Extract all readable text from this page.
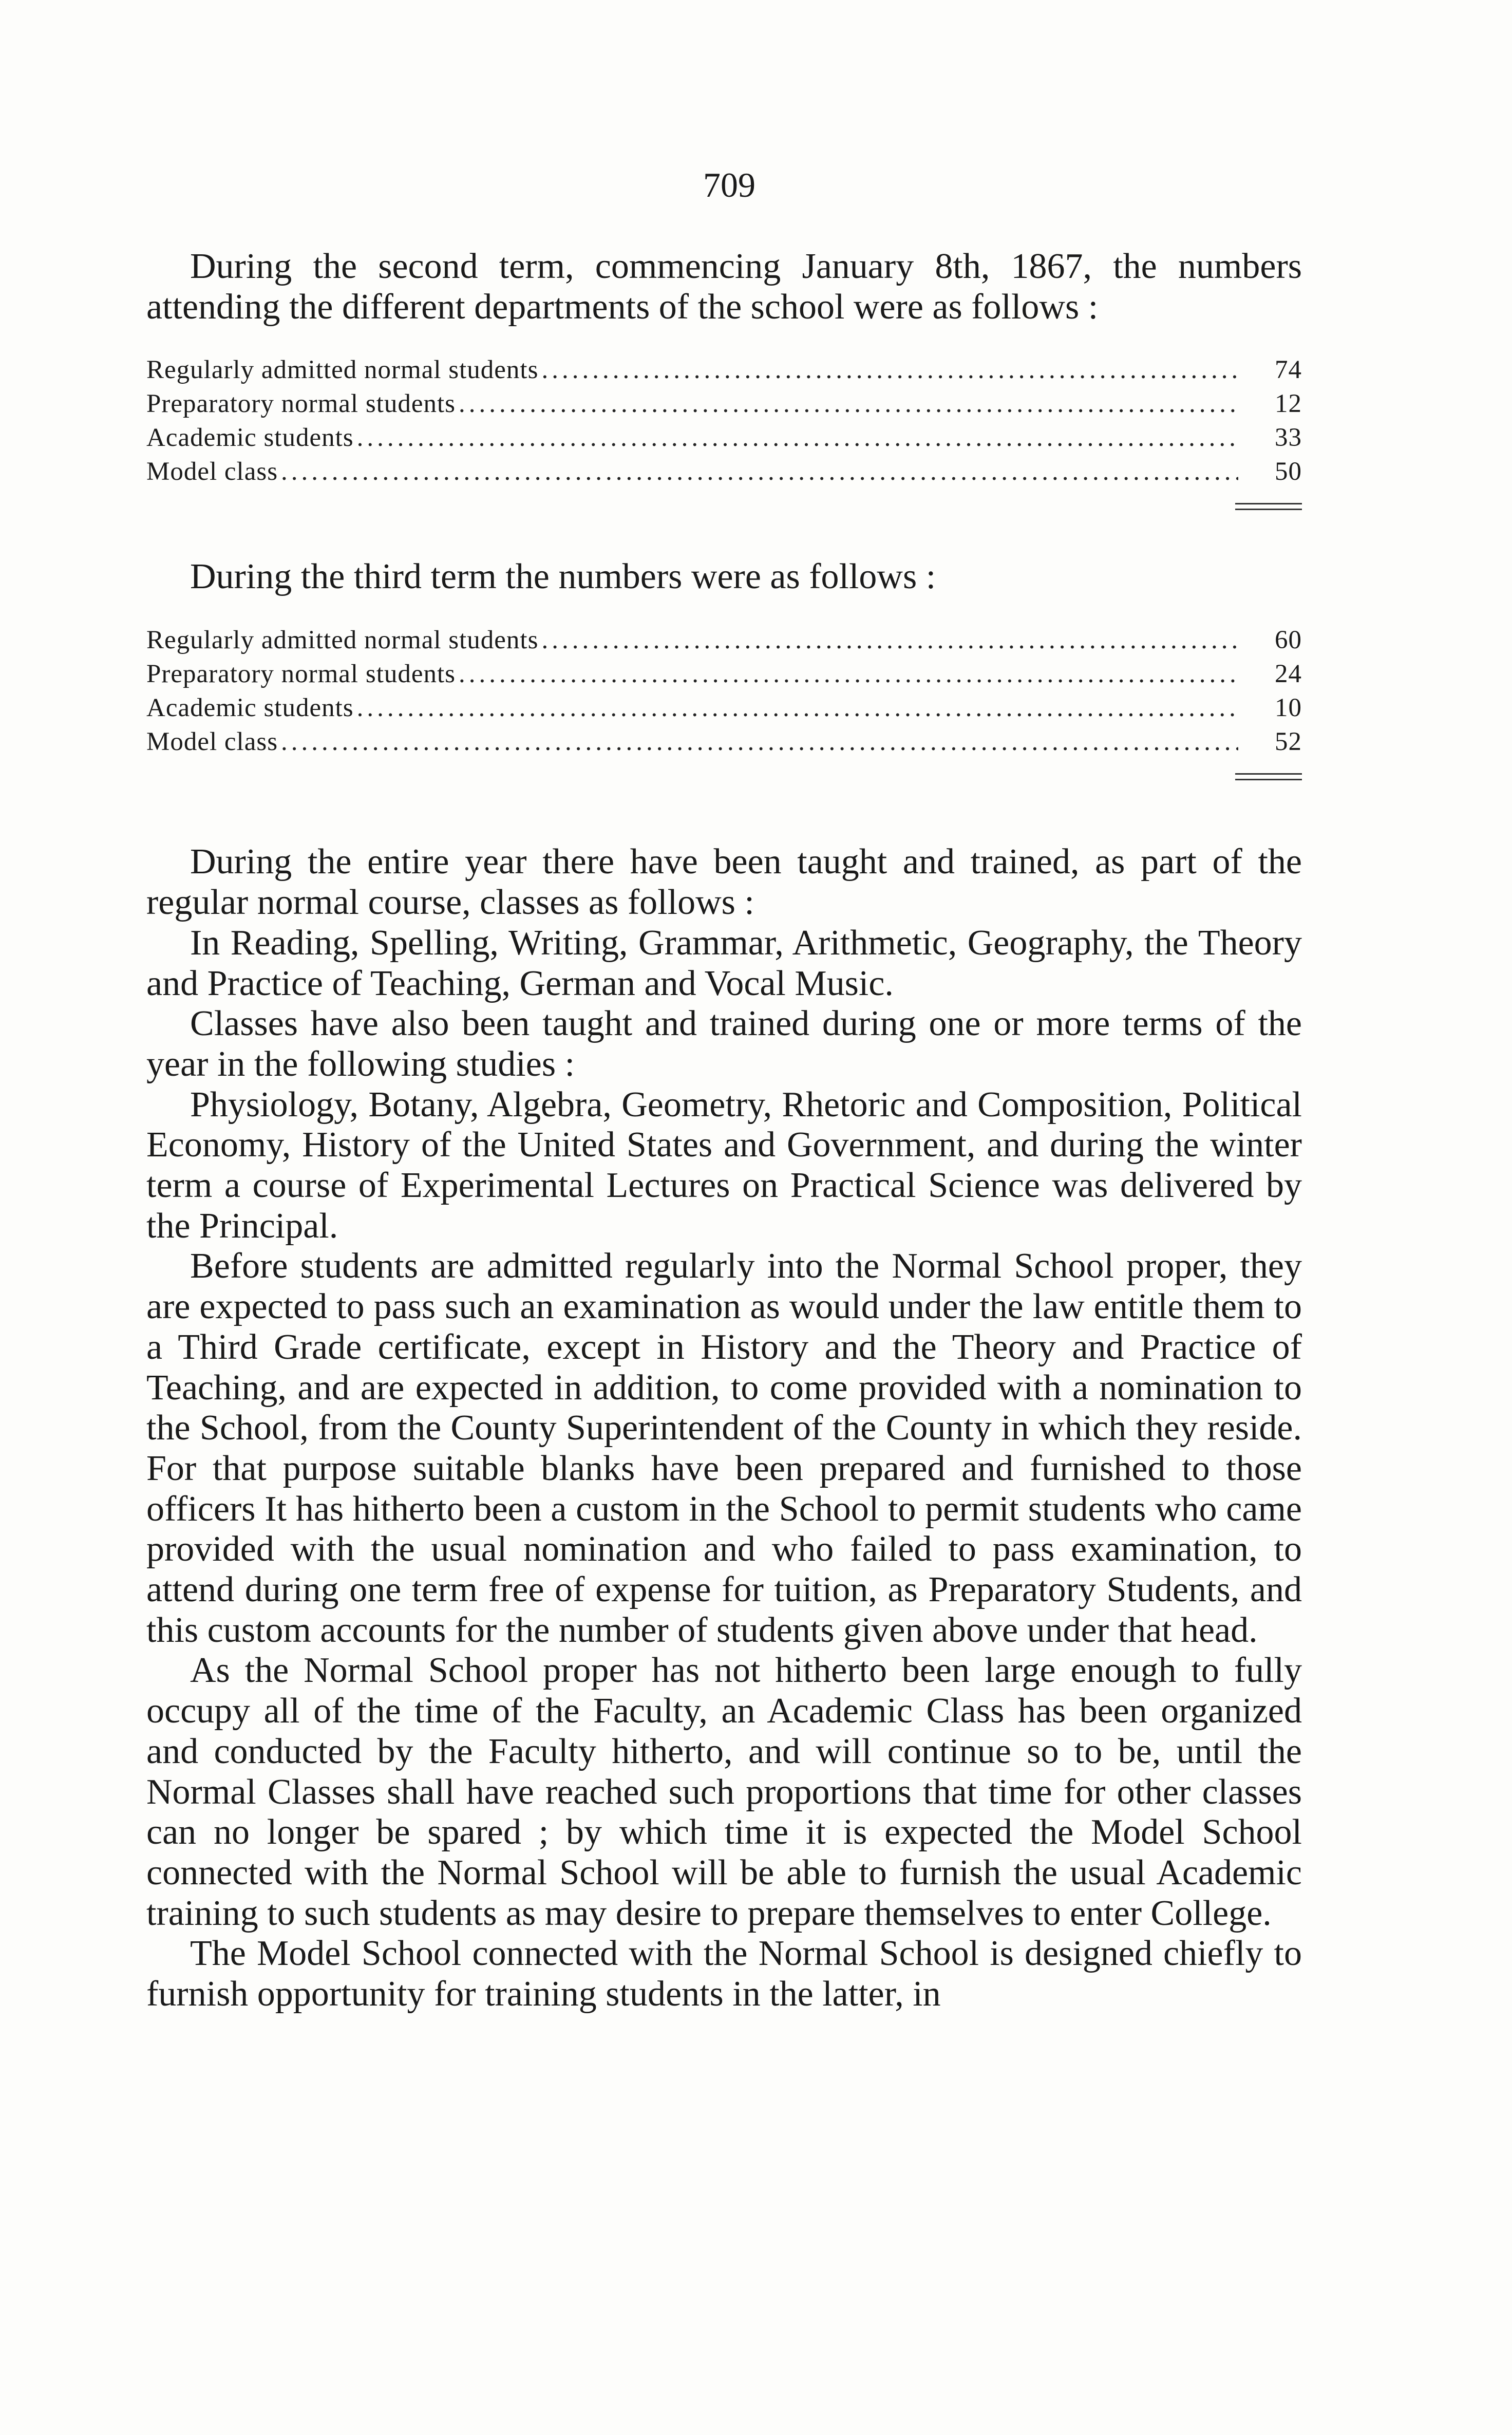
709

During the second term, commencing January 8th, 1867, the numbers attending the different departments of the school were as follows :

Regularly admitted normal students .....	74
Preparatory normal students .....	12
Academic students .....	33
Model class .....	50

During the third term the numbers were as follows :

Regularly admitted normal students .....	60
Preparatory normal students .....	24
Academic students .....	10
Model class .....	52

During the entire year there have been taught and trained, as part of the regular normal course, classes as follows :

In Reading, Spelling, Writing, Grammar, Arithmetic, Geography, the Theory and Practice of Teaching, German and Vocal Music.

Classes have also been taught and trained during one or more terms of the year in the following studies :

Physiology, Botany, Algebra, Geometry, Rhetoric and Composition, Political Economy, History of the United States and Government, and during the winter term a course of Experimental Lectures on Practical Science was delivered by the Principal.

Before students are admitted regularly into the Normal School proper, they are expected to pass such an examination as would under the law entitle them to a Third Grade certificate, except in History and the Theory and Practice of Teaching, and are expected in addition, to come provided with a nomination to the School, from the County Superintendent of the County in which they reside. For that purpose suitable blanks have been prepared and furnished to those officers It has hitherto been a custom in the School to permit students who came provided with the usual nomination and who failed to pass examination, to attend during one term free of expense for tuition, as Preparatory Students, and this custom accounts for the number of students given above under that head.

As the Normal School proper has not hitherto been large enough to fully occupy all of the time of the Faculty, an Academic Class has been organized and conducted by the Faculty hitherto, and will continue so to be, until the Normal Classes shall have reached such proportions that time for other classes can no longer be spared ; by which time it is expected the Model School connected with the Normal School will be able to furnish the usual Academic training to such students as may desire to prepare themselves to enter College.

The Model School connected with the Normal School is designed chiefly to furnish opportunity for training students in the latter, in
